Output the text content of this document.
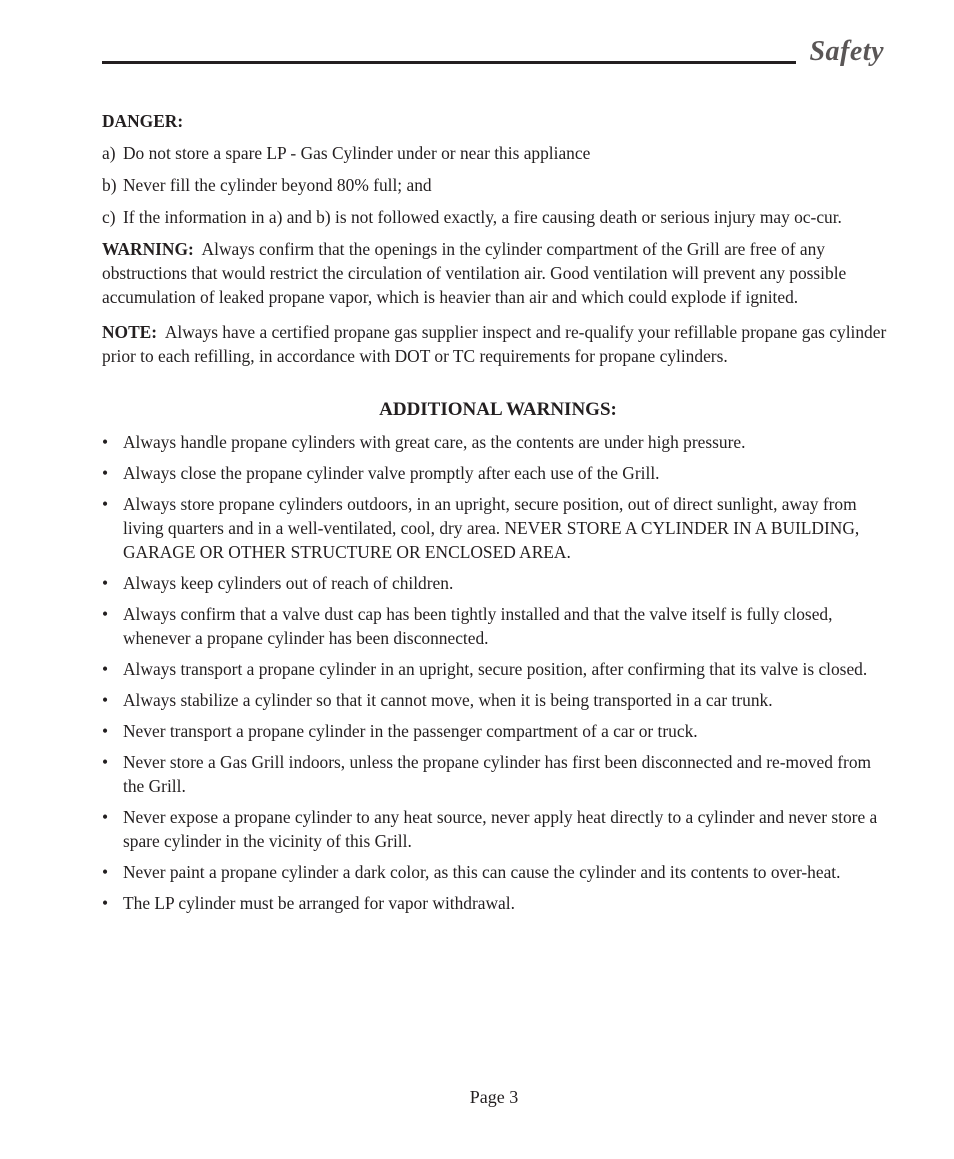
Safety
DANGER:
a) Do not store a spare LP - Gas Cylinder under or near this appliance
b) Never fill the cylinder beyond 80% full; and
c) If the information in a) and b) is not followed exactly, a fire causing death or serious injury may oc-cur.

WARNING: Always confirm that the openings in the cylinder compartment of the Grill are free of any obstructions that would restrict the circulation of ventilation air. Good ventilation will prevent any possible accumulation of leaked propane vapor, which is heavier than air and which could explode if ignited.

NOTE: Always have a certified propane gas supplier inspect and re-qualify your refillable propane gas cylinder prior to each refilling, in accordance with DOT or TC requirements for propane cylinders.

ADDITIONAL WARNINGS:
• Always handle propane cylinders with great care, as the contents are under high pressure.
• Always close the propane cylinder valve promptly after each use of the Grill.
• Always store propane cylinders outdoors, in an upright, secure position, out of direct sunlight, away from living quarters and in a well-ventilated, cool, dry area. NEVER STORE A CYLINDER IN A BUILDING, GARAGE OR OTHER STRUCTURE OR ENCLOSED AREA.
• Always keep cylinders out of reach of children.
• Always confirm that a valve dust cap has been tightly installed and that the valve itself is fully closed, whenever a propane cylinder has been disconnected.
• Always transport a propane cylinder in an upright, secure position, after confirming that its valve is closed.
• Always stabilize a cylinder so that it cannot move, when it is being transported in a car trunk.
• Never transport a propane cylinder in the passenger compartment of a car or truck.
• Never store a Gas Grill indoors, unless the propane cylinder has first been disconnected and re-moved from the Grill.
• Never expose a propane cylinder to any heat source, never apply heat directly to a cylinder and never store a spare cylinder in the vicinity of this Grill.
• Never paint a propane cylinder a dark color, as this can cause the cylinder and its contents to over-heat.
• The LP cylinder must be arranged for vapor withdrawal.
Page 3
